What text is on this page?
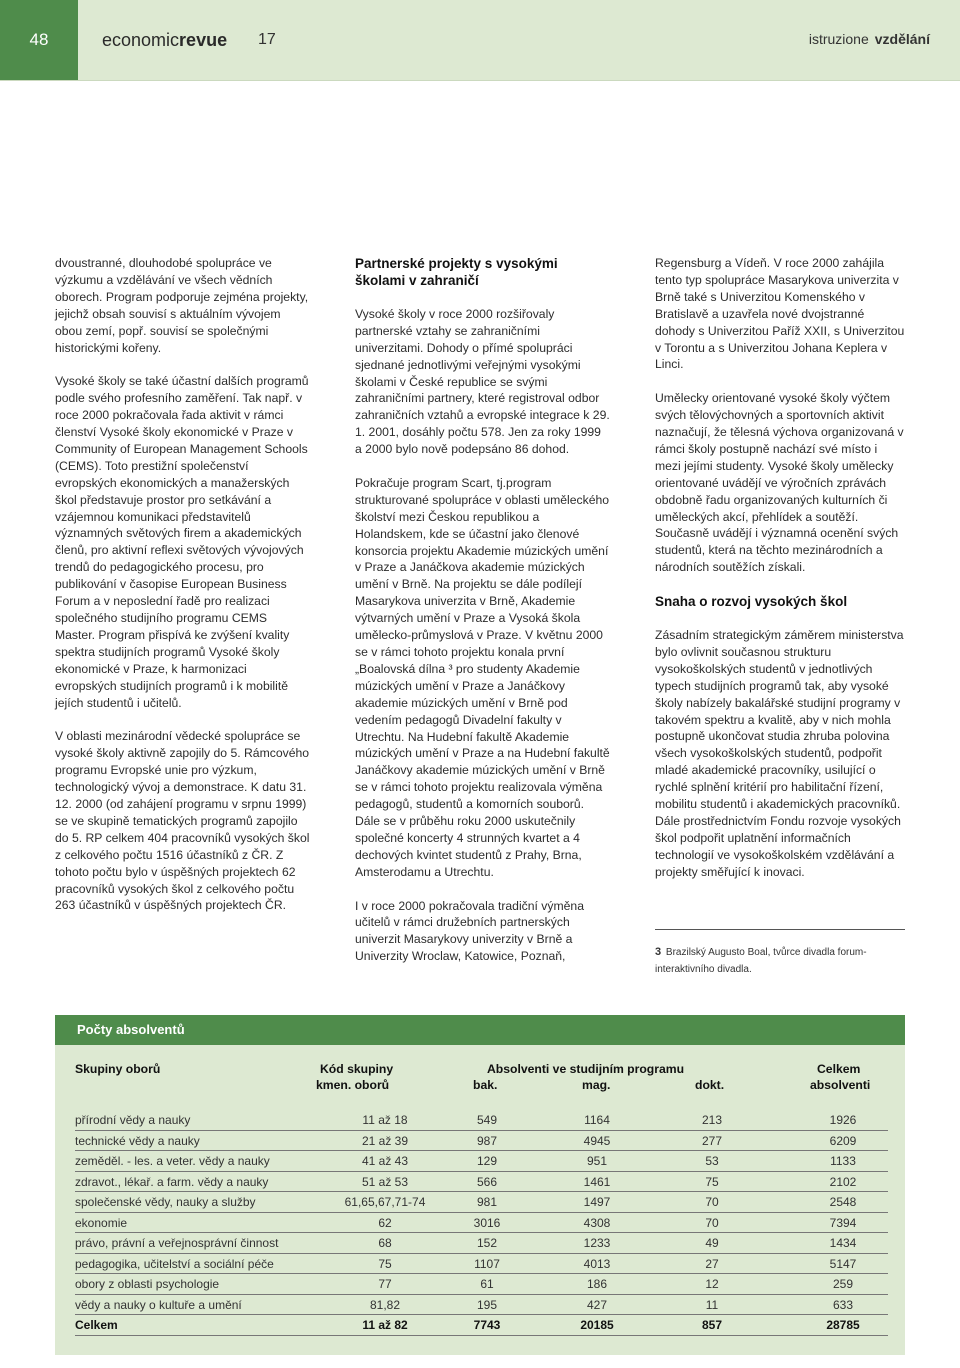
48	economicrevue 17	istruzione vzdělání

dvoustranné, dlouhodobé spolupráce ve výzkumu a vzdělávání ve všech vědních oborech. Program podporuje zejména projekty, jejichž obsah souvisí s aktuálním vývojem obou zemí, popř. souvisí se společnými historickými kořeny.

Vysoké školy se také účastní dalších programů podle svého profesního zaměření. Tak např. v roce 2000 pokračovala řada aktivit v rámci členství Vysoké školy ekonomické v Praze v Community of European Management Schools (CEMS). Toto prestižní společenství evropských ekonomických a manažerských škol představuje prostor pro setkávání a vzájemnou komunikaci představitelů významných světových firem a akademických členů, pro aktivní reflexi světových vývojových trendů do pedagogického procesu, pro publikování v časopise European Business Forum a v neposlední řadě pro realizaci společného studijního programu CEMS Master. Program přispívá ke zvýšení kvality spektra studijních programů Vysoké školy ekonomické v Praze, k harmonizaci evropských studijních programů i k mobilitě jejích studentů i učitelů.

V oblasti mezinárodní vědecké spolupráce se vysoké školy aktivně zapojily do 5. Rámcového programu Evropské unie pro výzkum, technologický vývoj a demonstrace. K datu 31. 12. 2000 (od zahájení programu v srpnu 1999) se ve skupině tematických programů zapojilo do 5. RP celkem 404 pracovníků vysokých škol z celkového počtu 1516 účastníků z ČR. Z tohoto počtu bylo v úspěšných projektech 62 pracovníků vysokých škol z celkového počtu 263 účastníků v úspěšných projektech ČR.

Partnerské projekty s vysokými školami v zahraničí

Vysoké školy v roce 2000 rozšiřovaly partnerské vztahy se zahraničními univerzitami. Dohody o přímé spolupráci sjednané jednotlivými veřejnými vysokými školami v České republice se svými zahraničními partnery, které registroval odbor zahraničních vztahů a evropské integrace k 29. 1. 2001, dosáhly počtu 578. Jen za roky 1999 a 2000 bylo nově podepsáno 86 dohod.

Pokračuje program Scart, tj.program strukturované spolupráce v oblasti uměleckého školství mezi Českou republikou a Holandskem, kde se účastní jako členové konsorcia projektu Akademie múzických umění v Praze a Janáčkova akademie múzických umění v Brně. Na projektu se dále podílejí Masarykova univerzita v Brně, Akademie výtvarných umění v Praze a Vysoká škola umělecko-průmyslová v Praze. V květnu 2000 se v rámci tohoto projektu konala první „Boalovská dílna ³ pro studenty Akademie múzických umění v Praze a Janáčkovy akademie múzických umění v Brně pod vedením pedagogů Divadelní fakulty v Utrechtu. Na Hudební fakultě Akademie múzických umění v Praze a na Hudební fakultě Janáčkovy akademie múzických umění v Brně se v rámci tohoto projektu realizovala výměna pedagogů, studentů a komorních souborů. Dále se v průběhu roku 2000 uskutečnily společné koncerty 4 strunných kvartet a 4 dechových kvintet studentů z Prahy, Brna, Amsterodamu a Utrechtu.

I v roce 2000 pokračovala tradiční výměna učitelů v rámci družebních partnerských univerzit Masarykovy univerzity v Brně a Univerzity Wroclaw, Katowice, Poznaň,

Regensburg a Vídeň. V roce 2000 zahájila tento typ spolupráce Masarykova univerzita v Brně také s Univerzitou Komenského v Bratislavě a uzavřela nové dvojstranné dohody s Univerzitou Paříž XXII, s Univerzitou v Torontu a s Univerzitou Johana Keplera v Linci.

Umělecky orientované vysoké školy výčtem svých tělovýchovných a sportovních aktivit naznačují, že tělesná výchova organizovaná v rámci školy postupně nachází své místo i mezi jejími studenty. Vysoké školy umělecky orientované uvádějí ve výročních zprávách obdobně řadu organizovaných kulturních či uměleckých akcí, přehlídek a soutěží. Současně uvádějí i významná ocenění svých studentů, která na těchto mezinárodních a národních soutěžích získali.

Snaha o rozvoj vysokých škol

Zásadním strategickým záměrem ministerstva bylo ovlivnit současnou strukturu vysokoškolských studentů v jednotlivých typech studijních programů tak, aby vysoké školy nabízely bakalářské studijní programy v takovém spektru a kvalitě, aby v nich mohla postupně ukončovat studia zhruba polovina všech vysokoškolských studentů, podpořit mladé akademické pracovníky, usilující o rychlé splnění kritérií pro habilitační řízení, mobilitu studentů i akademických pracovníků. Dále prostřednictvím Fondu rozvoje vysokých škol podpořit uplatnění informačních technologií ve vysokoškolském vzdělávání a projekty směřující k inovaci.

3 Brazilský Augusto Boal, tvůrce divadla forum-interaktivního divadla.
Počty absolventů
Skupiny oborů	Kód skupiny
kmen. oborů
Absolventi ve studijním programu
bak.	mag.	dokt.
Celkem
absolventi
přírodní vědy a nauky	11 až 18	549	1164	213	1926
technické vědy a nauky	21 až 39	987	4945	277	6209
zeměděl. - les. a veter. vědy a nauky	41 až 43	129	951	53	1133
zdravot., lékař. a farm. vědy a nauky	51 až 53	566	1461	75	2102
společenské vědy, nauky a služby	61,65,67,71-74	981	1497	70	2548
ekonomie	62	3016	4308	70	7394
právo, právní a veřejnosprávní činnost	68	152	1233	49	1434
pedagogika, učitelství a sociální péče	75	1107	4013	27	5147
obory z oblasti psychologie	77	61	186	12	259
vědy a nauky o kultuře a umění	81,82	195	427	11	633
Celkem	11 až 82	7743	20185	857	28785
